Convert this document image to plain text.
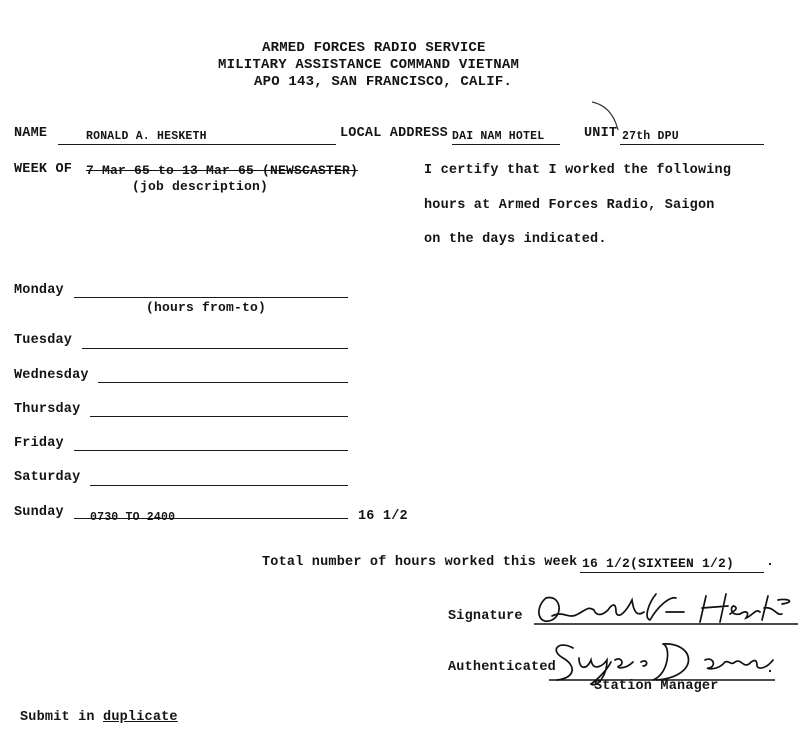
ARMED FORCES RADIO SERVICE
MILITARY ASSISTANCE COMMAND VIETNAM
APO 143, SAN FRANCISCO, CALIF.
NAME	RONALD A. HESKETH	LOCAL ADDRESS DAI NAM HOTEL	UNIT 27th DPU
WEEK OF 7 Mar 65 to 13 Mar 65 (NEWSCASTER)
(job description)
I certify that I worked the following
hours at Armed Forces Radio, Saigon
on the days indicated.
Monday
(hours from-to)
Tuesday
Wednesday
Thursday
Friday
Saturday
Sunday 0730 TO 2400	16 1/2
Total number of hours worked this week 16 1/2(SIXTEEN 1/2) .
Signature
Authenticated	.
Station Manager
Submit in duplicate
